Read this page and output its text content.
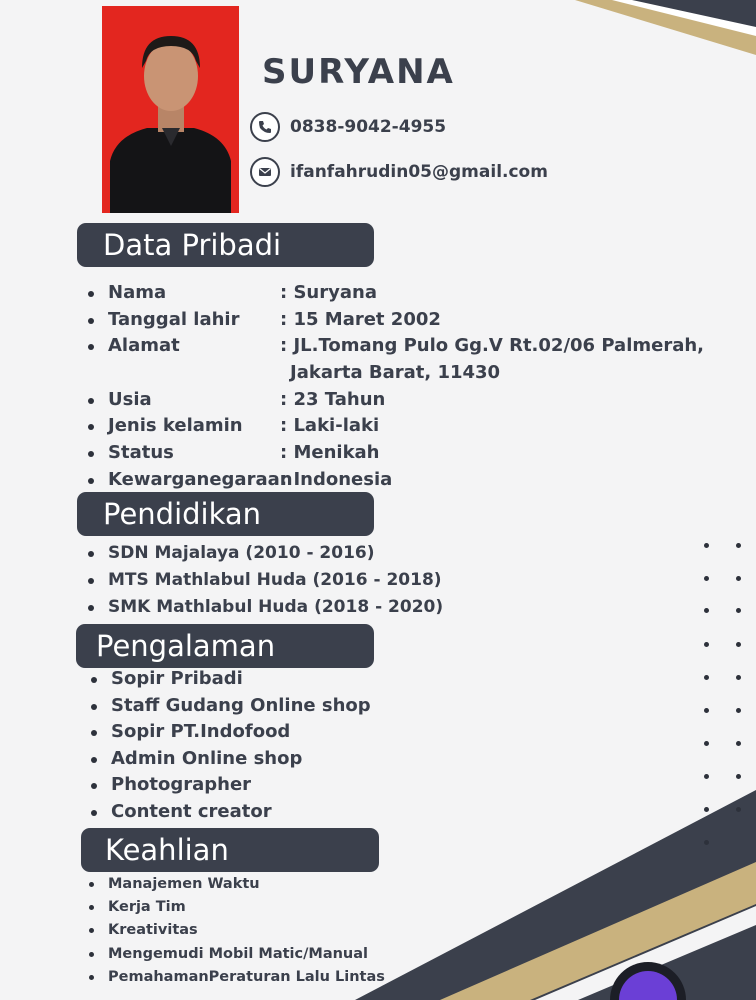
SURYANA
0838-9042-4955
ifanfahrudin05@gmail.com
Data Pribadi
Nama	: Suryana
Tanggal lahir : 15 Maret 2002
Alamat	: JL.Tomang Pulo Gg.V Rt.02/06 Palmerah,
Jakarta Barat, 11430
Usia	: 23 Tahun
Jenis kelamin : Laki-laki
Status	: Menikah
Kewarganegaraan: Indonesia
Pendidikan
SDN Majalaya (2010 - 2016)
MTS Mathlabul Huda (2016 - 2018)
SMK Mathlabul Huda (2018 - 2020)
Pengalaman
Sopir Pribadi
Staff Gudang Online shop
Sopir PT.Indofood
Admin Online shop
Photographer
Content creator
Keahlian
Manajemen Waktu
Kerja Tim
Kreativitas
Mengemudi Mobil Matic/Manual
PemahamanPeraturan Lalu Lintas
